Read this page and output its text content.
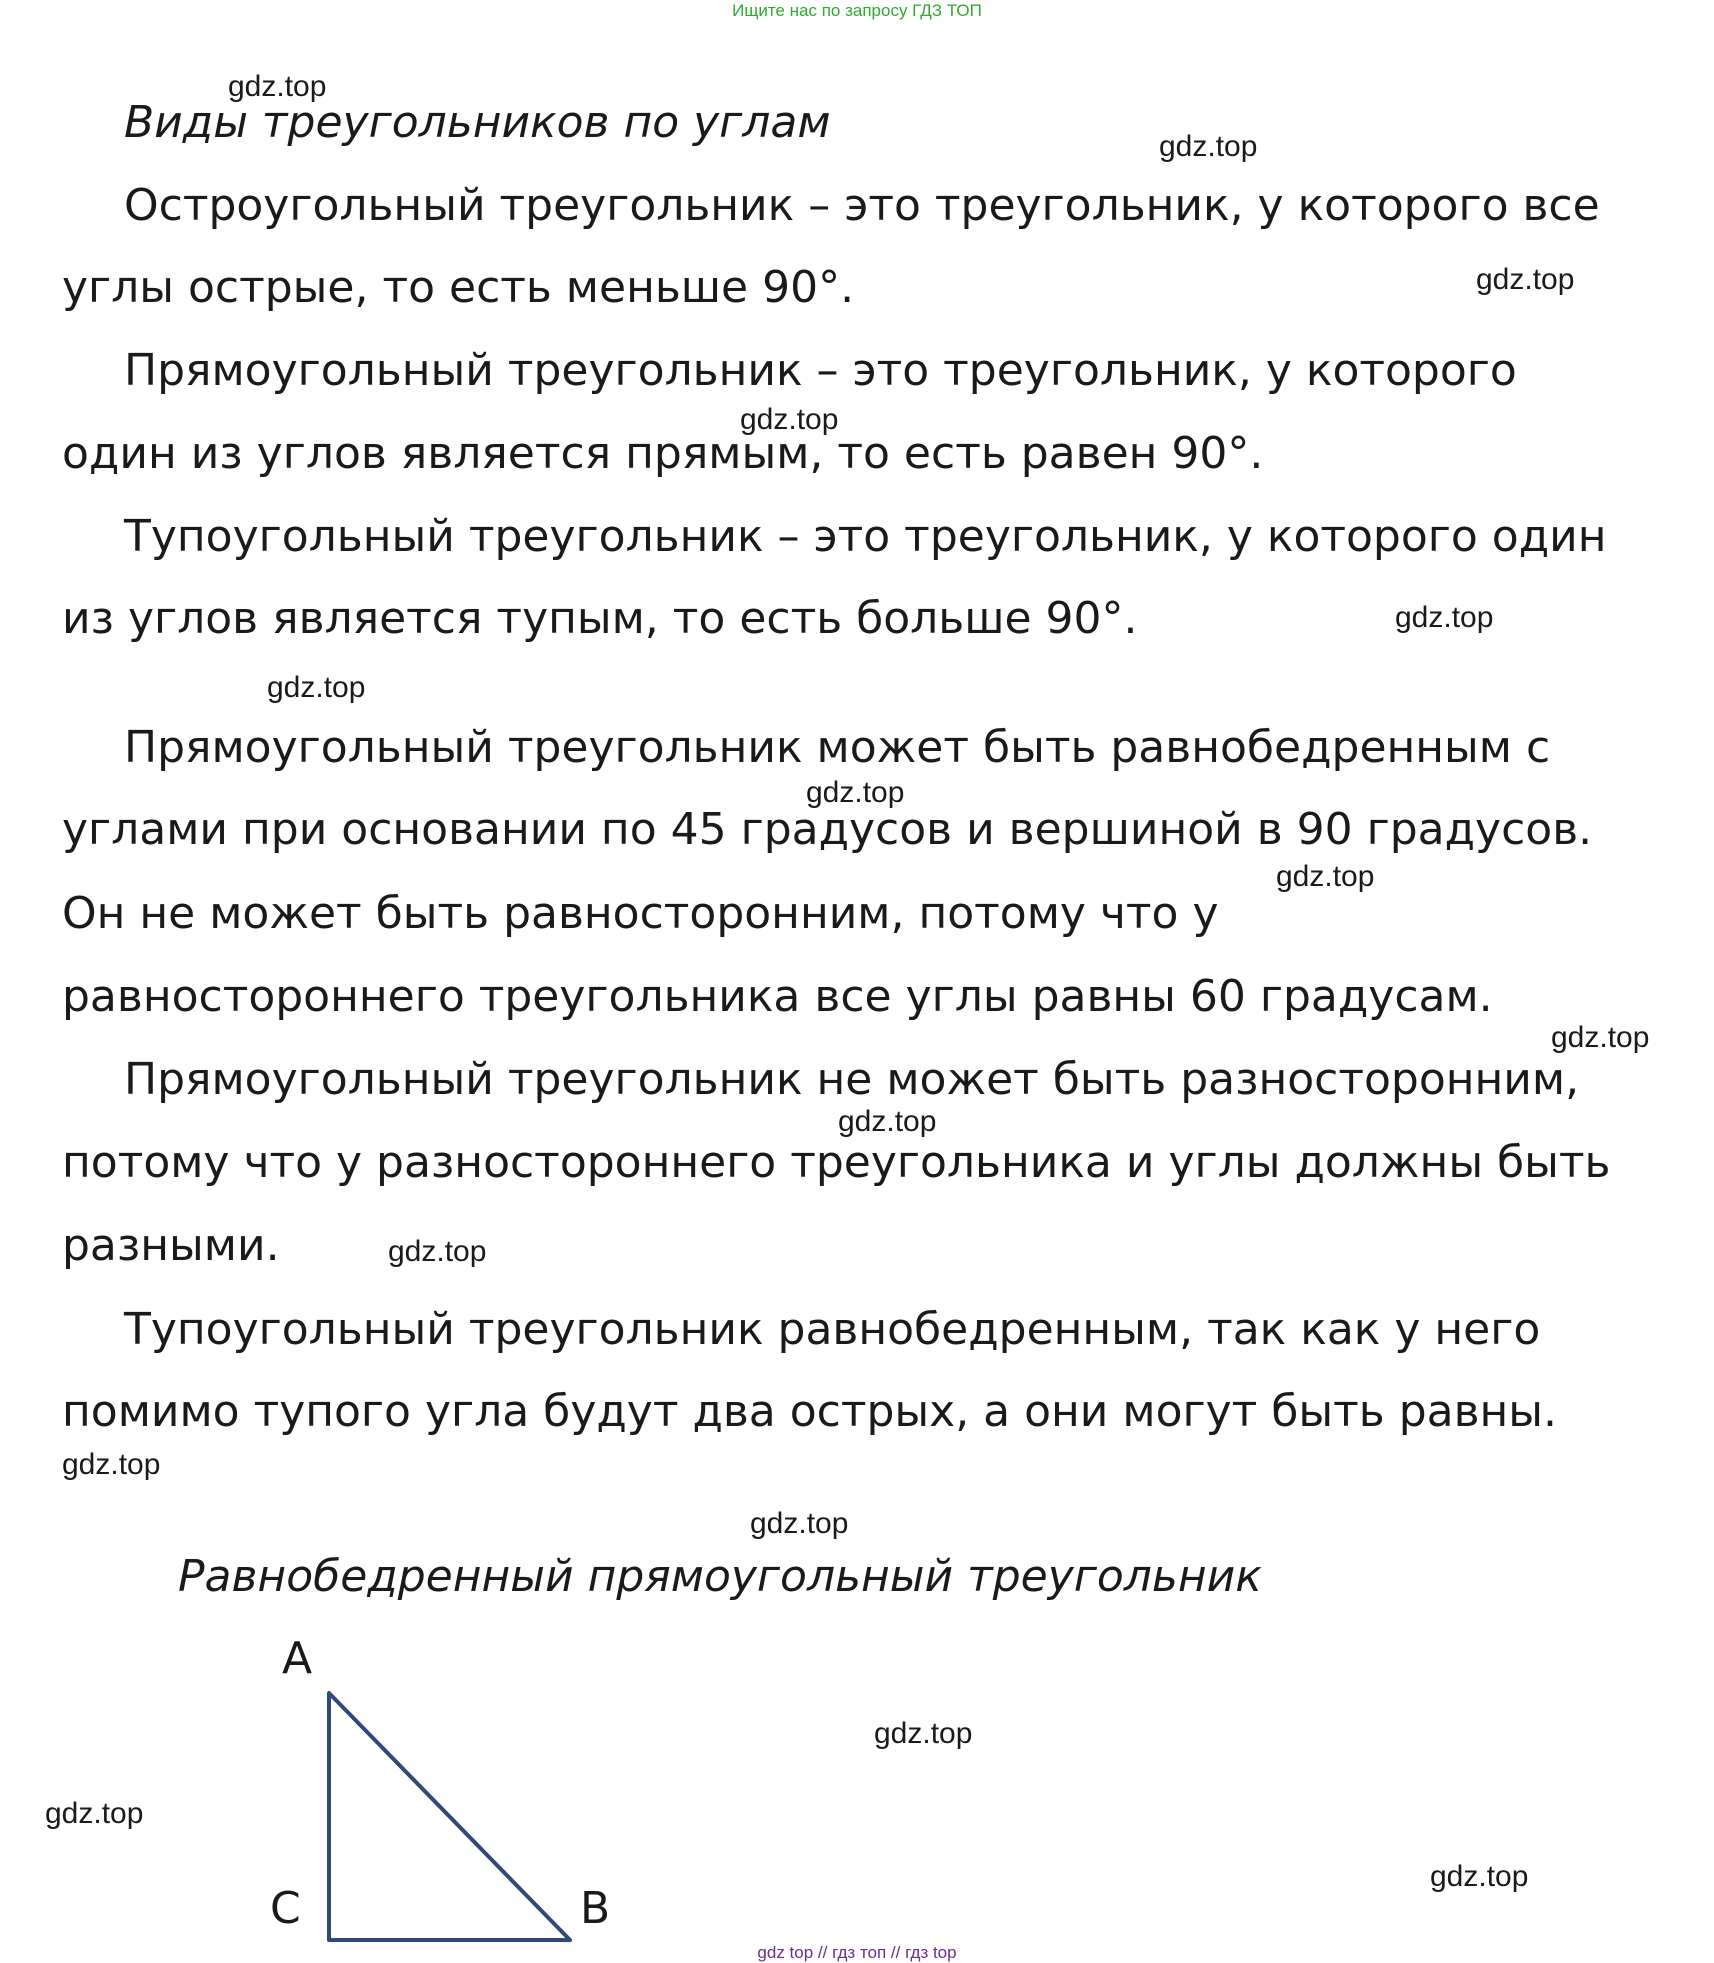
Ищите нас по запросу ГДЗ ТОП
Виды треугольников по углам
Остроугольный треугольник – это треугольник, у которого все
углы острые, то есть меньше 90°.
Прямоугольный треугольник – это треугольник, у которого
один из углов является прямым, то есть равен 90°.
Тупоугольный треугольник – это треугольник, у которого один
из углов является тупым, то есть больше 90°.
Прямоугольный треугольник может быть равнобедренным с
углами при основании по 45 градусов и вершиной в 90 градусов.
Он не может быть равносторонним, потому что у
равностороннего треугольника все углы равны 60 градусам.
Прямоугольный треугольник не может быть разносторонним,
потому что у разностороннего треугольника и углы должны быть
разными.
Тупоугольный треугольник равнобедренным, так как у него
помимо тупого угла будут два острых, а они могут быть равны.
Равнобедренный прямоугольный треугольник
A
C	B
gdz.top
gdz.top
gdz.top
gdz.top
gdz.top
gdz.top
gdz.top
gdz.top
gdz.top
gdz.top
gdz.top
gdz.top
gdz.top
gdz.top
gdz.top
gdz.top
gdz top // гдз топ // гдз top
